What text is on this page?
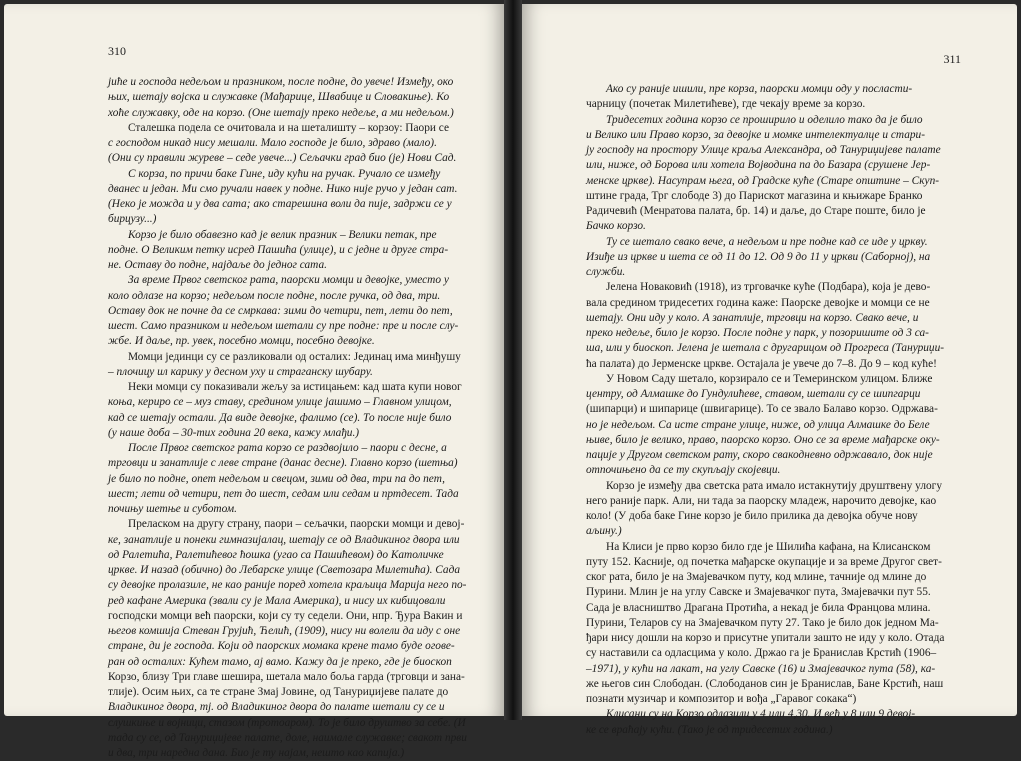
310
јиће и господа недељом и празником, после подне, до увече! Између, око
њих, шетају војска и служавке (Мађарице, Швабице и Словакиње). Ко
хоће служавку, оде на корзо. (Оне шетају преко недеље, а ми недељом.)
Сталешка подела се очитовала и на шеталишту – корзоу: Паори се
с господом никад нису мешали. Мало господе је било, здраво (мало).
(Они су правили журеве – седе увече...) Сељачки град био (је) Нови Сад.
С корза, по причи баке Гине, иду кући на ручак. Ручало се између
дванес и један. Ми смо ручали навек у подне. Нико није ручо у један сат.
(Неко је можда и у два сата; ако старешина воли да пије, задржи се у
бирцузу...)
Корзо је било обавезно кад је велик празник – Велики петак, пре
подне. О Великим петку исред Пашића (улице), и с једне и друге стра-
не. Оставу до подне, најдаље до једног сата.
За време Првог светског рата, паорски момци и девојке, уместо у
коло одлазе на корзо; недељом после подне, после ручка, од два, три.
Оставу док не почне да се смркава: зими до четири, пет, лети до пет,
шест. Само празником и недељом шетали су пре подне: пре и после слу-
жбе. И даље, пр. увек, посебно момци, посебно девојке.
Момци јединци су се разликовали од осталих: Јединац има минђушу
– плочицу ил карику у десном уху и страганску шубару.
Неки момци су показивали жељу за истицањем: кад шата купи новог
коња, кериро се – муз ставу, средином улице јашимо – Главном улицом,
кад се шетају остали. Да виде девојке, фалимо (се). То после није било
(у наше доба – 30-тих година 20 века, кажу млађи.)
После Првог светског рата корзо се раздвојило – паори с десне, а
трговци и занатлије с леве стране (данас десне). Главно корзо (шетња)
је било по подне, опет недељом и свецом, зими од два, три па до пет,
шест; лети од четири, пет до шест, седам или седам и пртдесет. Тада
почињу шетње и суботом.
Преласком на другу страну, паори – сељачки, паорски момци и девој-
ке, занатлије и понеки гимназијалац, шетају се од Владикиног двора или
од Ралетића, Ралетићевог ћошка (угао са Пашићевом) до Католичке
цркве. И назад (обично) до Лебарске улице (Светозара Милетића). Сада
су девојке пролазиле, не као раније поред хотела краљица Марија него по-
ред кафане Америка (звали су је Мала Америка), и нису их кибицовали
господски момци већ паорски, који су ту седели. Они, нпр. Ђура Вакин и
његов комшија Стеван Грујић, Ћелић, (1909), нису ни волели да иду с оне
стране, ди је господа. Који од паорских момака крене тамо буде огове-
ран од осталих: Кућем тамо, ај вамо. Кажу да је преко, где је биоскоп
Корзо, близу Три главе шешира, шетала мало боља гарда (трговци и зана-
тлије). Осим њих, са те стране Змај Јовине, од Тануриџијеве палате до
Владикиног двора, тј. од Владикиног двора до палате шетали су се и
слушкиње и војници, стазом (тротоаром). То је било друштво за себе. (И
тада су се, од Тануриџијеве палате, доле, наимале служавке; свакот први
и два, три наредна дана. Био је ту најам, нешто као капија.)
311
Ако су раније ишили, пре корза, паорски момци оду у посласти-
чарницу (почетак Милетићеве), где чекају време за корзо.
Тридесетих година корзо се проширило и оделило тако да је било
и Велико или Право корзо, за девојке и момке интелектуалце и стари-
ју господу на простору Улице краља Александра, од Тануриџијеве палате
или, ниже, од Борова или хотела Војводина па до Базара (срушене Јер-
менске цркве). Насупрам њега, од Градске куће (Старе општине – Скуп-
штине града, Трг слободе 3) до Парискот магазина и књижаре Бранко
Радичевић (Менратова палата, бр. 14) и даље, до Старе поште, било је
Бачко корзо.
Ту се шетало свако вече, а недељом и пре подне кад се иде у цркву.
Изиђе из цркве и шета се од 11 до 12. Од 9 до 11 у цркви (Саборној), на
служби.
Јелена Новаковић (1918), из трговачке куће (Подбара), која је дево-
вала средином тридесетих година каже: Паорске девојке и момци се не
шетају. Они иду у коло. А занатлије, трговци на корзо. Свако вече, и
преко недеље, било је корзо. После подне у парк, у позоришите од 3 са-
ша, или у биоскоп. Јелена је шетала с другарицом од Прогреса (Тануриџи-
ћа палата) до Јерменске цркве. Остајала је увече до 7–8. До 9 – код куће!
У Новом Саду шетало, корзирало се и Темеринском улицом. Ближе
центру, од Алмашке до Гундулићеве, ставом, шетали су се шипгарци
(шипарци) и шипарице (швигарице). То се звало Балаво корзо. Одржава-
но је недељом. Са исте стране улице, ниже, од улица Алмашке до Беле
њиве, било је велико, право, паорско корзо. Оно се за време мађарске оку-
пације у Другом светском рату, скоро свакодневно одржавало, док није
отпочињено да се ту скупљају скојевци.
Корзо је између два светска рата имало истакнутију друштвену улогу
него раније парк. Али, ни тада за паорску младеж, нарочито девојке, као
коло! (У доба баке Гине корзо је било прилика да девојка обуче нову
аљину.)
На Клиси је прво корзо било где је Шилића кафана, на Клисанском
путу 152. Касније, од почетка мађарске окупације и за време Другог свет-
ског рата, било је на Змајевачком путу, код млине, тачније од млине до
Пурини. Млин је на углу Савске и Змајевачког пута, Змајевачки пут 55.
Сада је власништво Драгана Протића, а некад је била Францова млина.
Пурини, Теларов су на Змајевачком путу 27. Тако је било док једном Ма-
ђари нису дошли на корзо и присутне упитали зашто не иду у коло. Отада
су наставили са одласцима у коло. Држао га је Бранислав Крстић (1906–
–1971), у кући на лакат, на углу Савске (16) и Змајевачког пута (58), ка-
же његов син Слободан. (Слободанов син је Бранислав, Бане Крстић, наш
познати музичар и композитор и вођа „Гаравог сокака“)
Клисани су на Корзо одлазили у 4 или 4,30. И већ у 8 или 9 девој-
ке се враћају кући. (Тако је од тридесетих година.)
